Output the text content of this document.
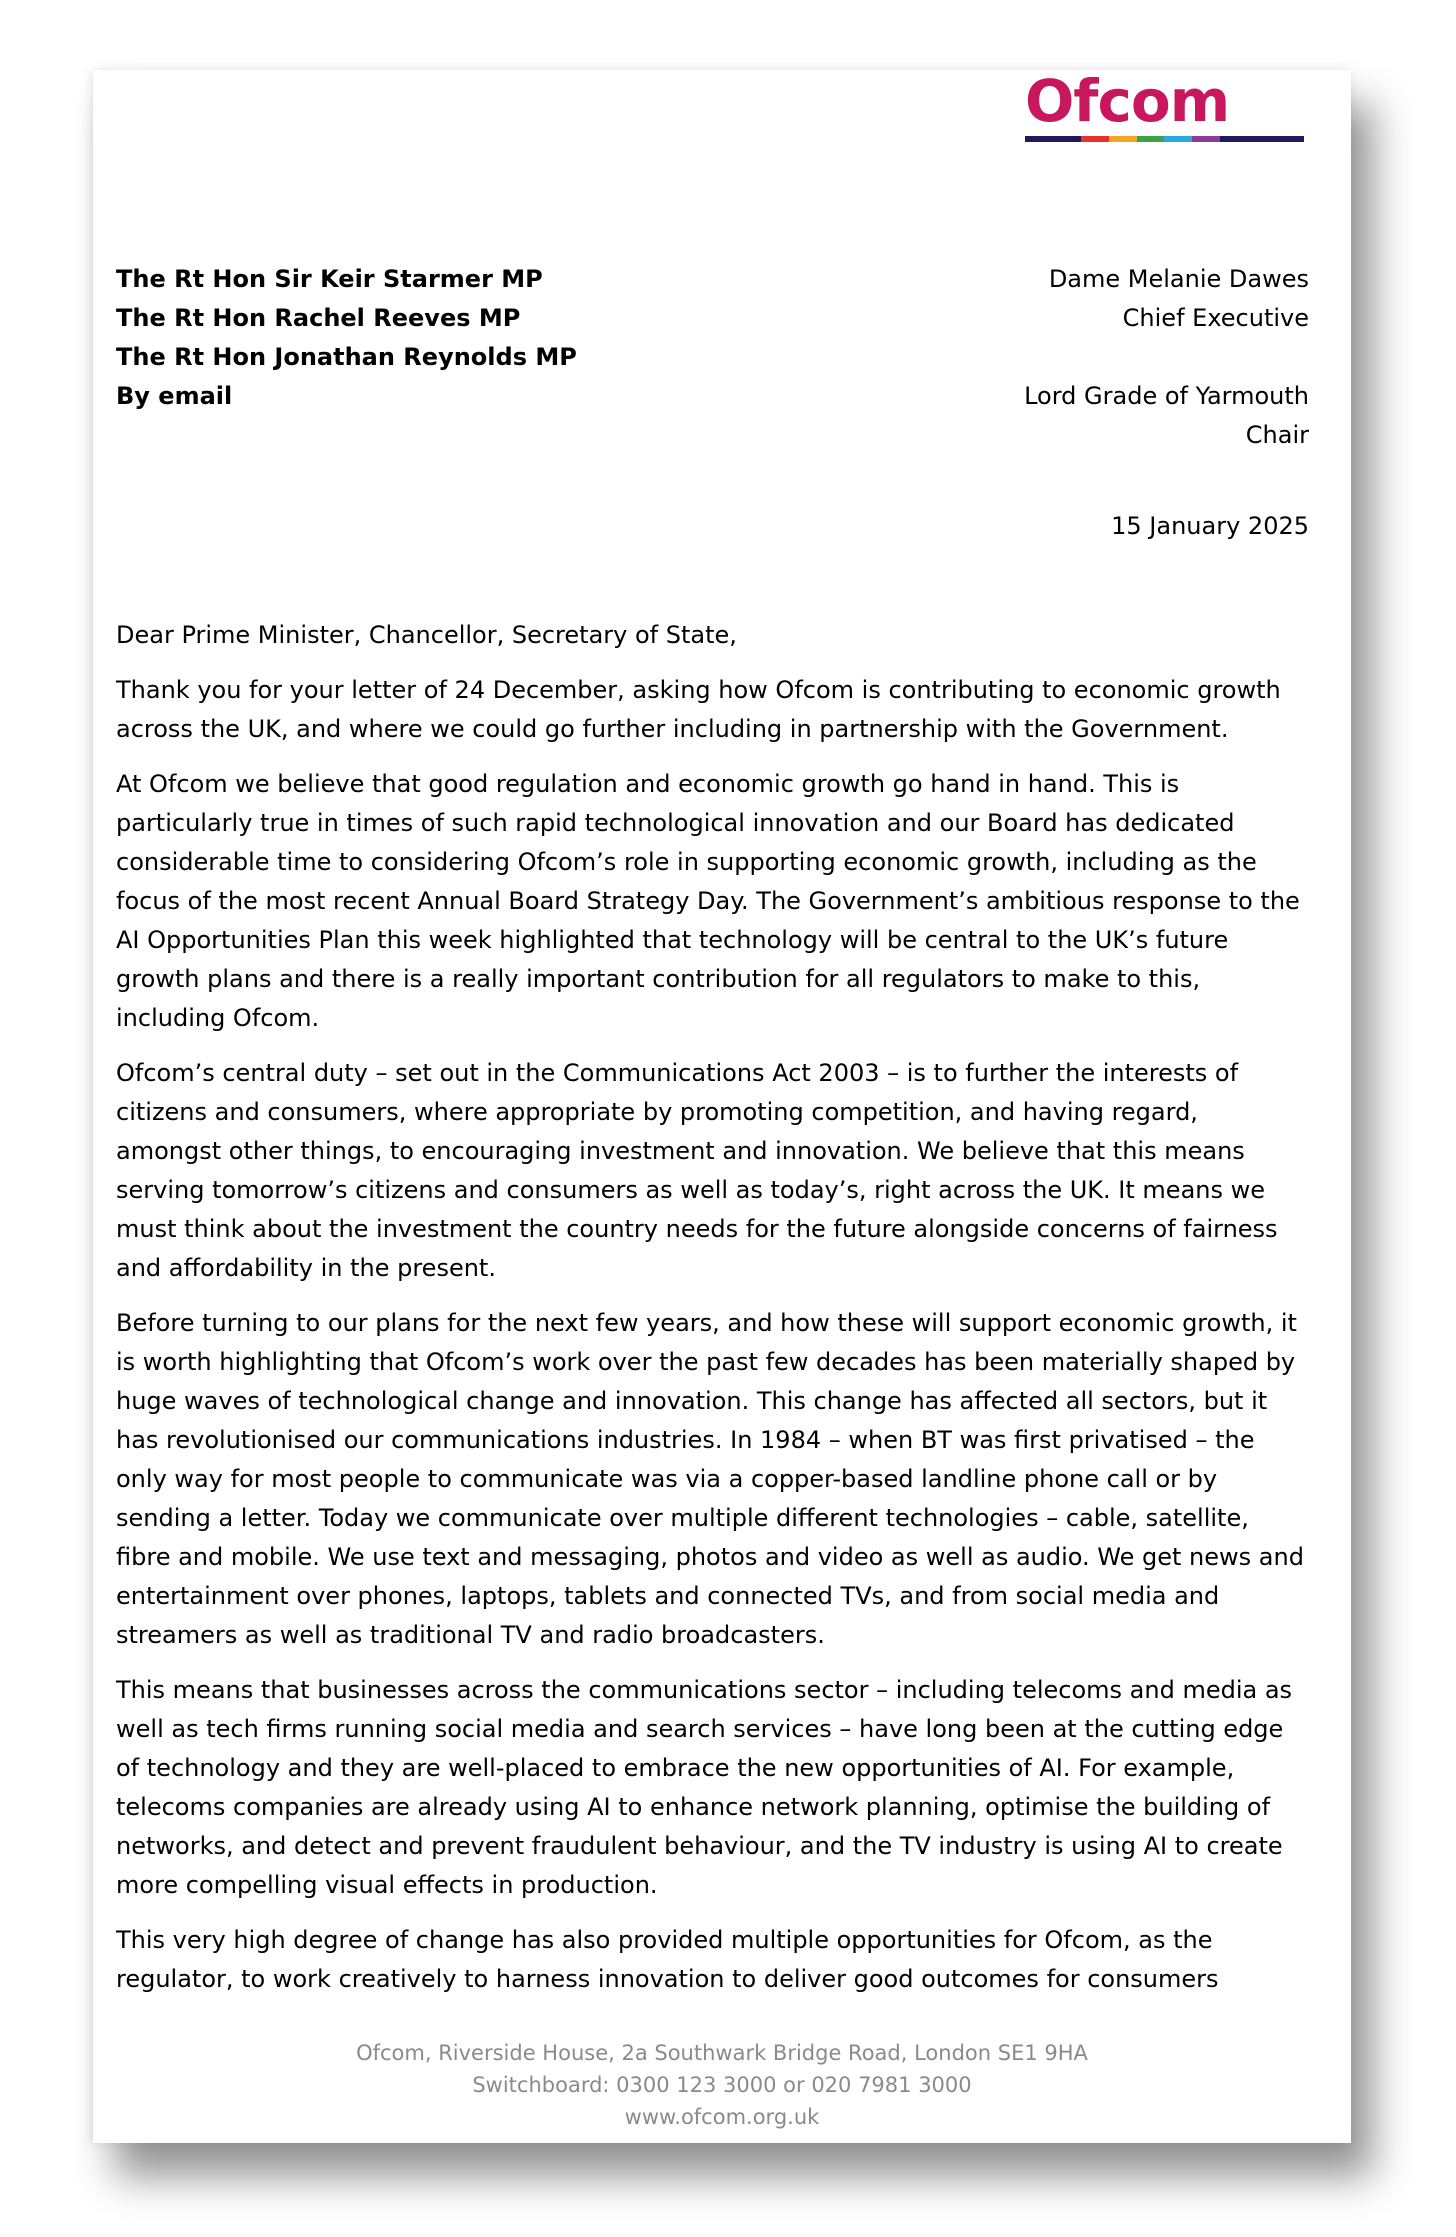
Ofcom
The Rt Hon Sir Keir Starmer MP
The Rt Hon Rachel Reeves MP
The Rt Hon Jonathan Reynolds MP
By email
Dame Melanie Dawes
Chief Executive
Lord Grade of Yarmouth
Chair
15 January 2025

Dear Prime Minister, Chancellor, Secretary of State,

Thank you for your letter of 24 December, asking how Ofcom is contributing to economic growth across the UK, and where we could go further including in partnership with the Government.

At Ofcom we believe that good regulation and economic growth go hand in hand. This is particularly true in times of such rapid technological innovation and our Board has dedicated considerable time to considering Ofcom’s role in supporting economic growth, including as the focus of the most recent Annual Board Strategy Day. The Government’s ambitious response to the AI Opportunities Plan this week highlighted that technology will be central to the UK’s future growth plans and there is a really important contribution for all regulators to make to this, including Ofcom.

Ofcom’s central duty – set out in the Communications Act 2003 – is to further the interests of citizens and consumers, where appropriate by promoting competition, and having regard, amongst other things, to encouraging investment and innovation. We believe that this means serving tomorrow’s citizens and consumers as well as today’s, right across the UK. It means we must think about the investment the country needs for the future alongside concerns of fairness and affordability in the present.

Before turning to our plans for the next few years, and how these will support economic growth, it is worth highlighting that Ofcom’s work over the past few decades has been materially shaped by huge waves of technological change and innovation. This change has affected all sectors, but it has revolutionised our communications industries. In 1984 – when BT was first privatised – the only way for most people to communicate was via a copper-based landline phone call or by sending a letter. Today we communicate over multiple different technologies – cable, satellite, fibre and mobile. We use text and messaging, photos and video as well as audio. We get news and entertainment over phones, laptops, tablets and connected TVs, and from social media and streamers as well as traditional TV and radio broadcasters.

This means that businesses across the communications sector – including telecoms and media as well as tech firms running social media and search services – have long been at the cutting edge of technology and they are well-placed to embrace the new opportunities of AI. For example, telecoms companies are already using AI to enhance network planning, optimise the building of networks, and detect and prevent fraudulent behaviour, and the TV industry is using AI to create more compelling visual effects in production.

This very high degree of change has also provided multiple opportunities for Ofcom, as the regulator, to work creatively to harness innovation to deliver good outcomes for consumers

Ofcom, Riverside House, 2a Southwark Bridge Road, London SE1 9HA
Switchboard: 0300 123 3000 or 020 7981 3000
www.ofcom.org.uk
